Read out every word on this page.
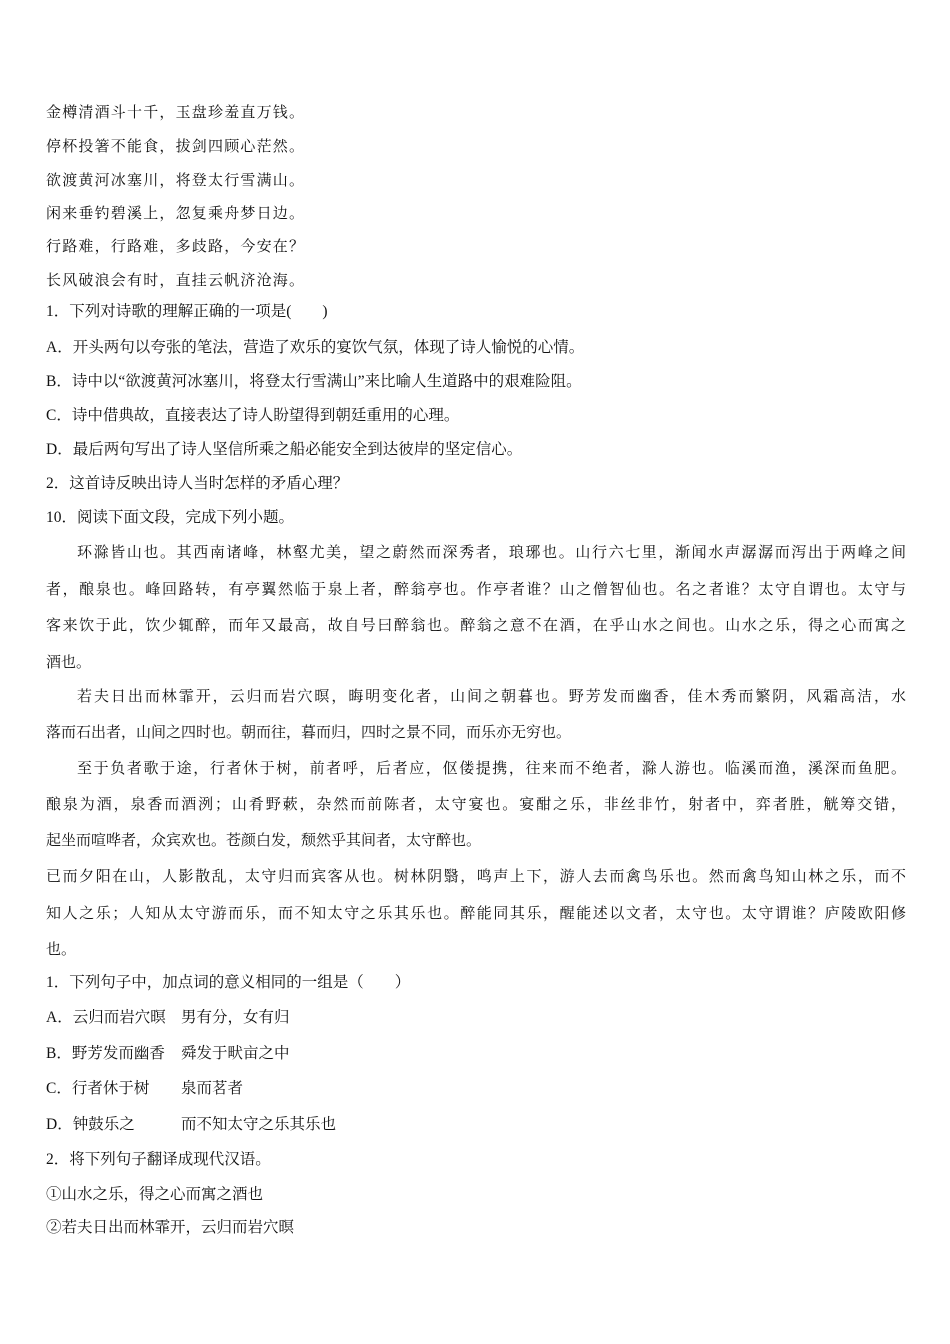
金樽清酒斗十千，玉盘珍羞直万钱。
停杯投箸不能食，拔剑四顾心茫然。
欲渡黄河冰塞川，将登太行雪满山。
闲来垂钓碧溪上，忽复乘舟梦日边。
行路难，行路难，多歧路，今安在？
长风破浪会有时，直挂云帆济沧海。
1．下列对诗歌的理解正确的一项是(　　)
A．开头两句以夸张的笔法，营造了欢乐的宴饮气氛，体现了诗人愉悦的心情。
B．诗中以“欲渡黄河冰塞川，将登太行雪满山”来比喻人生道路中的艰难险阻。
C．诗中借典故，直接表达了诗人盼望得到朝廷重用的心理。
D．最后两句写出了诗人坚信所乘之船必能安全到达彼岸的坚定信心。
2．这首诗反映出诗人当时怎样的矛盾心理？
10．阅读下面文段，完成下列小题。
环滁皆山也。其西南诸峰，林壑尤美，望之蔚然而深秀者，琅琊也。山行六七里，渐闻水声潺潺而泻出于两峰之间
者，酿泉也。峰回路转，有亭翼然临于泉上者，醉翁亭也。作亭者谁？山之僧智仙也。名之者谁？太守自谓也。太守与
客来饮于此，饮少辄醉，而年又最高，故自号曰醉翁也。醉翁之意不在酒，在乎山水之间也。山水之乐，得之心而寓之
酒也。
若夫日出而林霏开，云归而岩穴暝，晦明变化者，山间之朝暮也。野芳发而幽香，佳木秀而繁阴，风霜高洁，水
落而石出者，山间之四时也。朝而往，暮而归，四时之景不同，而乐亦无穷也。
至于负者歌于途，行者休于树，前者呼，后者应，伛偻提携，往来而不绝者，滁人游也。临溪而渔，溪深而鱼肥。
酿泉为酒，泉香而酒洌；山肴野蔌，杂然而前陈者，太守宴也。宴酣之乐，非丝非竹，射者中，弈者胜，觥筹交错，
起坐而喧哗者，众宾欢也。苍颜白发，颓然乎其间者，太守醉也。
已而夕阳在山，人影散乱，太守归而宾客从也。树林阴翳，鸣声上下，游人去而禽鸟乐也。然而禽鸟知山林之乐，而不
知人之乐；人知从太守游而乐，而不知太守之乐其乐也。醉能同其乐，醒能述以文者，太守也。太守谓谁？庐陵欧阳修
也。
1．下列句子中，加点词的意义相同的一组是（　　）
A．云归而岩穴暝 男有分，女有归
B．野芳发而幽香 舜发于畎亩之中
C．行者休于树 泉而茗者
D．钟鼓乐之	而不知太守之乐其乐也
2．将下列句子翻译成现代汉语。
①山水之乐，得之心而寓之酒也
②若夫日出而林霏开，云归而岩穴暝
